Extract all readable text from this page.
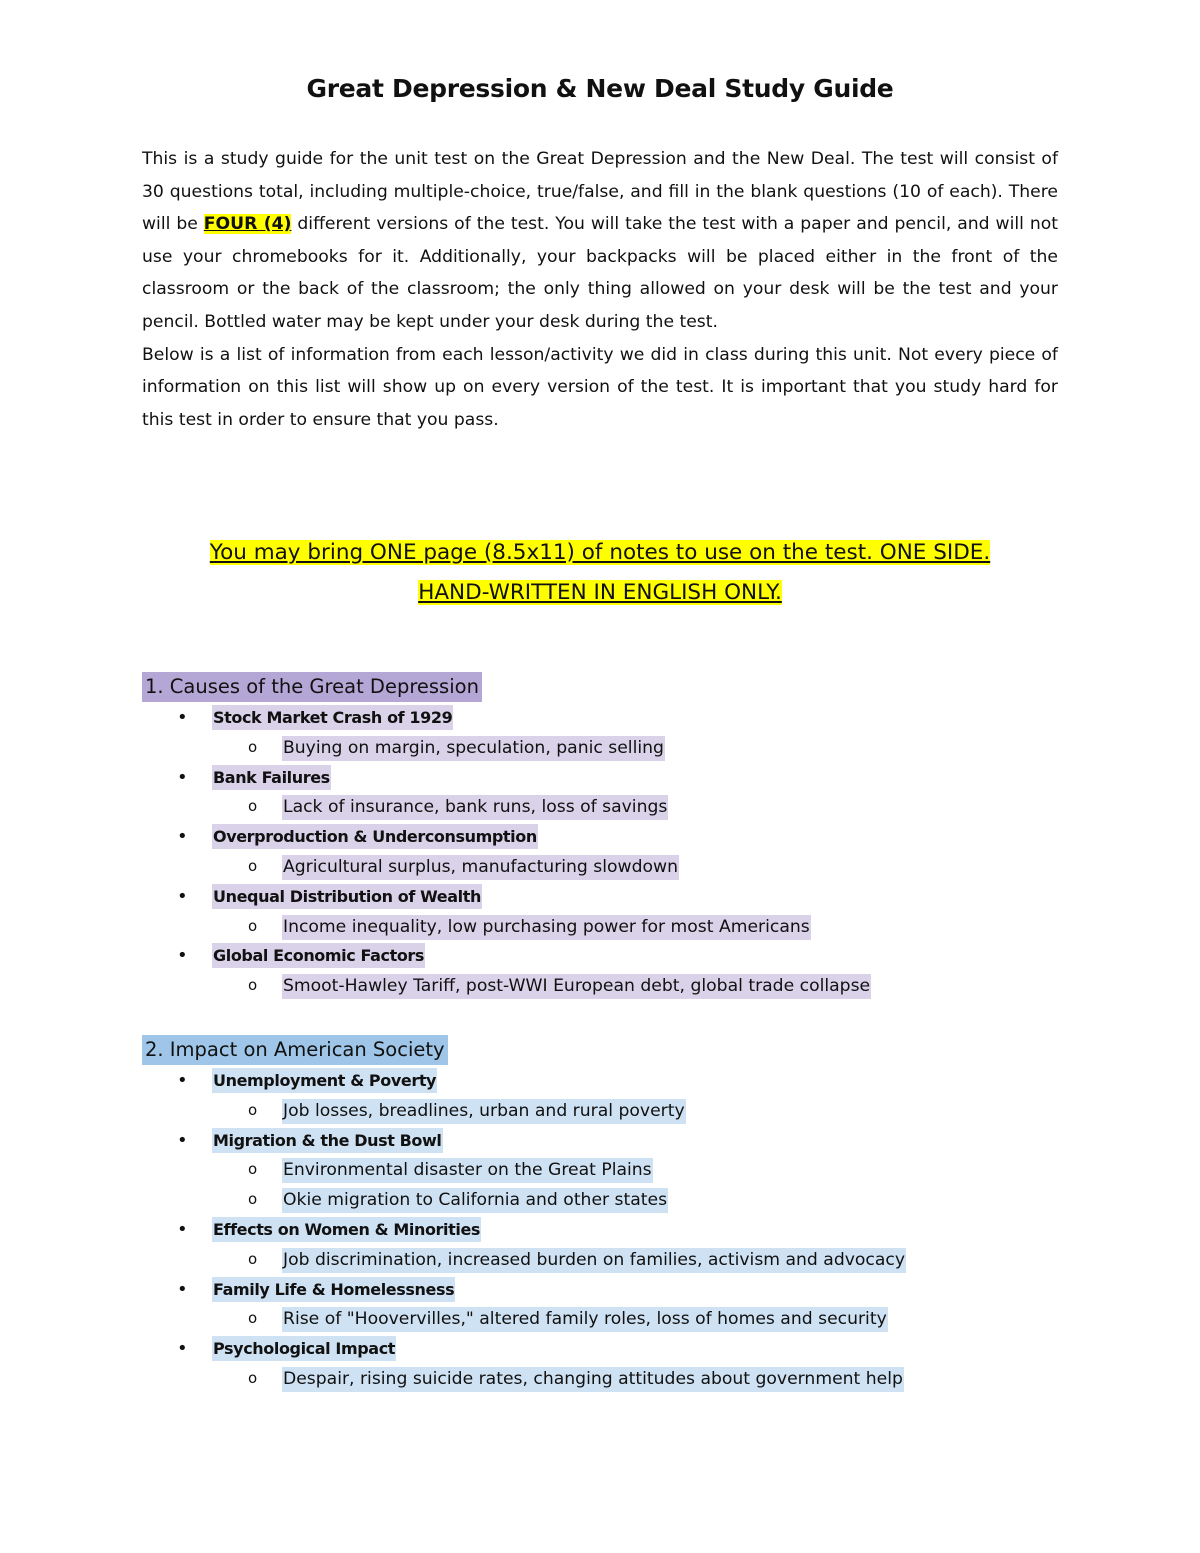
Great Depression & New Deal Study Guide

This is a study guide for the unit test on the Great Depression and the New Deal. The test will consist of 30 questions total, including multiple-choice, true/false, and fill in the blank questions (10 of each). There will be FOUR (4) different versions of the test. You will take the test with a paper and pencil, and will not use your chromebooks for it. Additionally, your backpacks will be placed either in the front of the classroom or the back of the classroom; the only thing allowed on your desk will be the test and your pencil. Bottled water may be kept under your desk during the test.

Below is a list of information from each lesson/activity we did in class during this unit. Not every piece of information on this list will show up on every version of the test. It is important that you study hard for this test in order to ensure that you pass.

You may bring ONE page (8.5x11) of notes to use on the test. ONE SIDE.
HAND-WRITTEN IN ENGLISH ONLY.
1. Causes of the Great Depression
• Stock Market Crash of 1929
o Buying on margin, speculation, panic selling
• Bank Failures
o Lack of insurance, bank runs, loss of savings
• Overproduction & Underconsumption
o Agricultural surplus, manufacturing slowdown
• Unequal Distribution of Wealth
o Income inequality, low purchasing power for most Americans
• Global Economic Factors
o Smoot-Hawley Tariff, post-WWI European debt, global trade collapse
2. Impact on American Society
• Unemployment & Poverty
o Job losses, breadlines, urban and rural poverty
• Migration & the Dust Bowl
o Environmental disaster on the Great Plains
o Okie migration to California and other states
• Effects on Women & Minorities
o Job discrimination, increased burden on families, activism and advocacy
• Family Life & Homelessness
o Rise of "Hoovervilles," altered family roles, loss of homes and security
• Psychological Impact
o Despair, rising suicide rates, changing attitudes about government help
